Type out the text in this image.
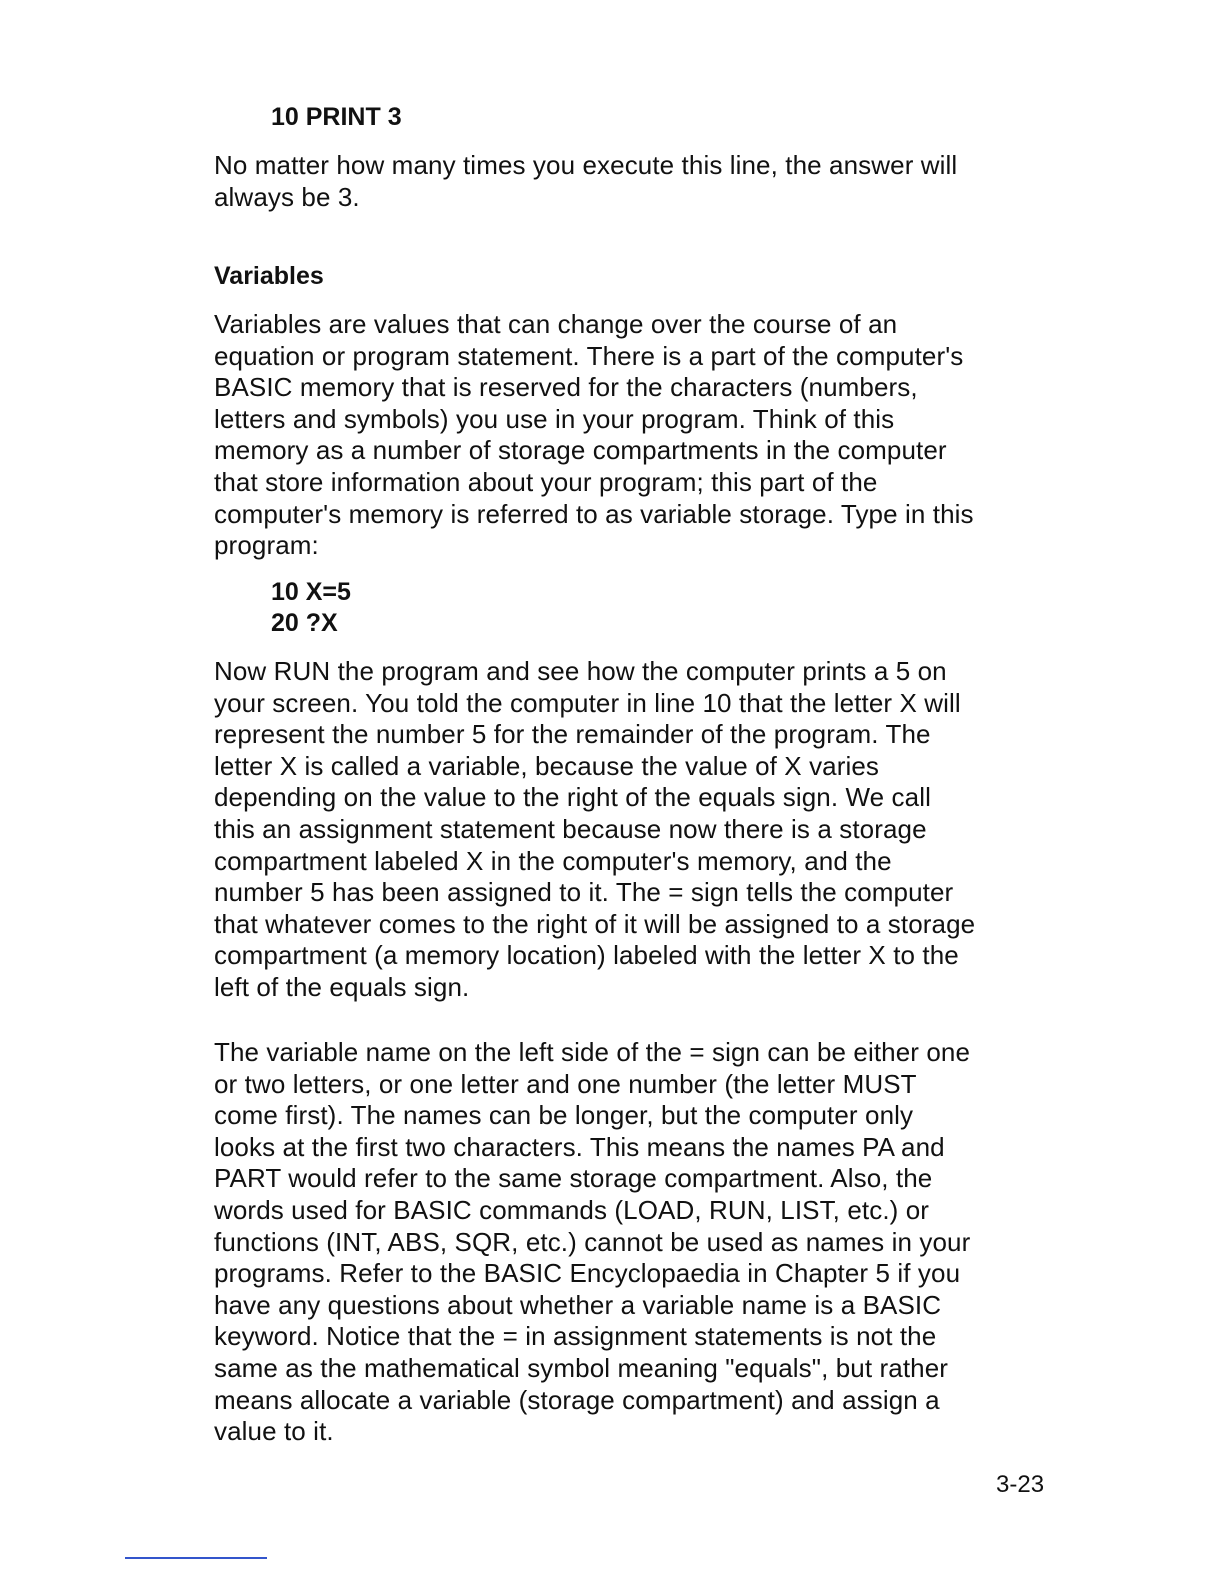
10 PRINT 3

No matter how many times you execute this line, the answer will
always be 3.

Variables

Variables are values that can change over the course of an
equation or program statement. There is a part of the computer's
BASIC memory that is reserved for the characters (numbers,
letters and symbols) you use in your program. Think of this
memory as a number of storage compartments in the computer
that store information about your program; this part of the
computer's memory is referred to as variable storage. Type in this
program:

10 X=5

20 ?X

Now RUN the program and see how the computer prints a 5 on
your screen. You told the computer in line 10 that the letter X will
represent the number 5 for the remainder of the program. The
letter X is called a variable, because the value of X varies
depending on the value to the right of the equals sign. We call
this an assignment statement because now there is a storage
compartment labeled X in the computer's memory, and the
number 5 has been assigned to it. The = sign tells the computer
that whatever comes to the right of it will be assigned to a storage
compartment (a memory location) labeled with the letter X to the
left of the equals sign.

The variable name on the left side of the = sign can be either one
or two letters, or one letter and one number (the letter MUST
come first). The names can be longer, but the computer only
looks at the first two characters. This means the names PA and
PART would refer to the same storage compartment. Also, the
words used for BASIC commands (LOAD, RUN, LIST, etc.) or
functions (INT, ABS, SQR, etc.) cannot be used as names in your
programs. Refer to the BASIC Encyclopaedia in Chapter 5 if you
have any questions about whether a variable name is a BASIC
keyword. Notice that the = in assignment statements is not the
same as the mathematical symbol meaning "equals", but rather
means allocate a variable (storage compartment) and assign a
value to it.

3-23
